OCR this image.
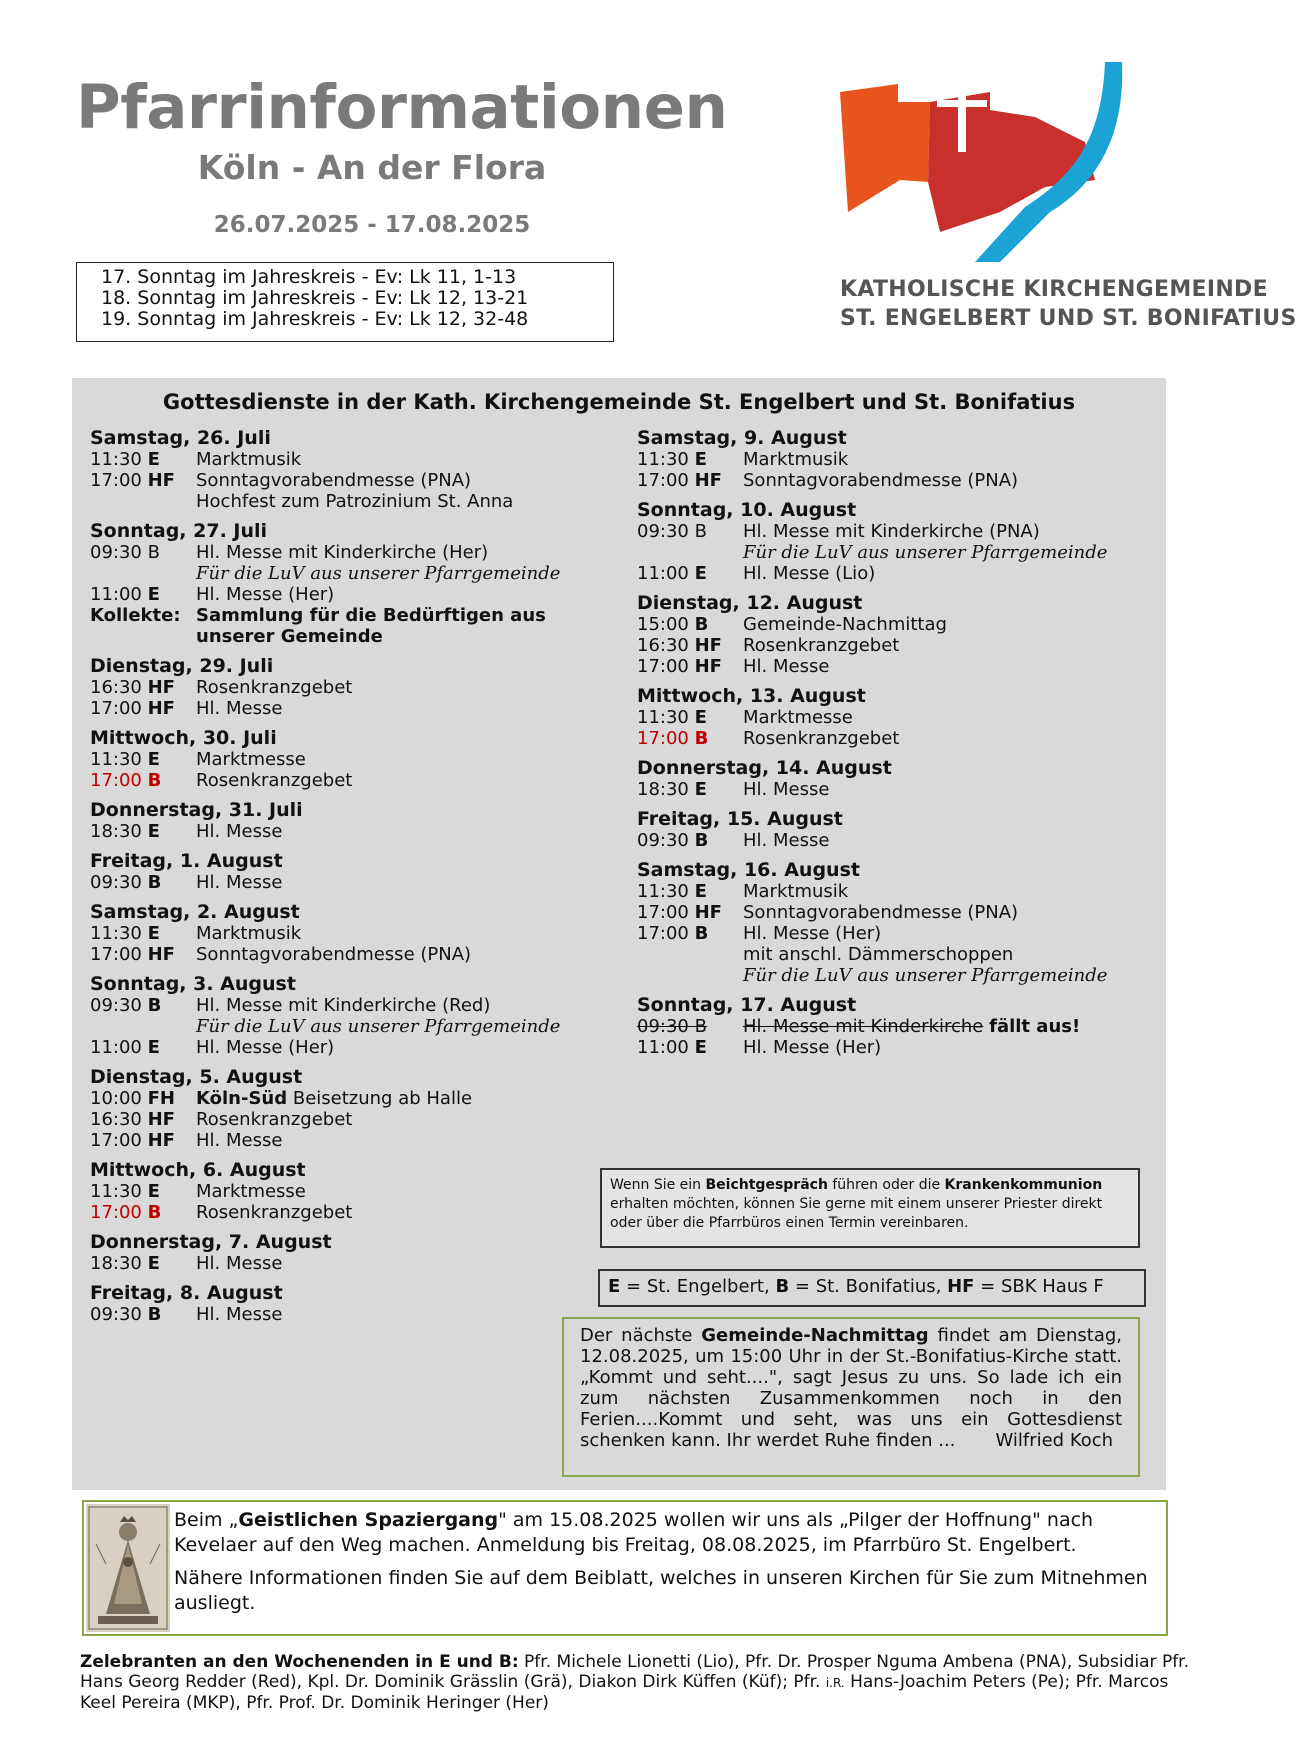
Pfarrinformationen
Köln - An der Flora
26.07.2025 - 17.08.2025
17. Sonntag im Jahreskreis - Ev: Lk 11, 1-13
18. Sonntag im Jahreskreis - Ev: Lk 12, 13-21
19. Sonntag im Jahreskreis - Ev: Lk 12, 32-48
KATHOLISCHE KIRCHENGEMEINDE
ST. ENGELBERT UND ST. BONIFATIUS
Gottesdienste in der Kath. Kirchengemeinde St. Engelbert und St. Bonifatius
Samstag, 26. Juli
11:30 E	Marktmusik
17:00 HF	Sonntagvorabendmesse (PNA)
Hochfest zum Patrozinium St. Anna
Sonntag, 27. Juli
09:30 B	Hl. Messe mit Kinderkirche (Her)
Für die LuV aus unserer Pfarrgemeinde
11:00 E	Hl. Messe (Her)
Kollekte: Sammlung für die Bedürftigen aus unserer Gemeinde
Dienstag, 29. Juli
16:30 HF	Rosenkranzgebet
17:00 HF	Hl. Messe
Mittwoch, 30. Juli
11:30 E	Marktmesse
17:00 B	Rosenkranzgebet
Donnerstag, 31. Juli
18:30 E	Hl. Messe
Freitag, 1. August
09:30 B	Hl. Messe
Samstag, 2. August
11:30 E	Marktmusik
17:00 HF	Sonntagvorabendmesse (PNA)
Sonntag, 3. August
09:30 B	Hl. Messe mit Kinderkirche (Red)
Für die LuV aus unserer Pfarrgemeinde
11:00 E	Hl. Messe (Her)
Dienstag, 5. August
10:00 FH	Köln-Süd Beisetzung ab Halle
16:30 HF	Rosenkranzgebet
17:00 HF	Hl. Messe
Mittwoch, 6. August
11:30 E	Marktmesse
17:00 B	Rosenkranzgebet
Donnerstag, 7. August
18:30 E	Hl. Messe
Freitag, 8. August
09:30 B	Hl. Messe
Samstag, 9. August
11:30 E	Marktmusik
17:00 HF	Sonntagvorabendmesse (PNA)
Sonntag, 10. August
09:30 B	Hl. Messe mit Kinderkirche (PNA)
Für die LuV aus unserer Pfarrgemeinde
11:00 E	Hl. Messe (Lio)
Dienstag, 12. August
15:00 B	Gemeinde-Nachmittag
16:30 HF	Rosenkranzgebet
17:00 HF	Hl. Messe
Mittwoch, 13. August
11:30 E	Marktmesse
17:00 B	Rosenkranzgebet
Donnerstag, 14. August
18:30 E	Hl. Messe
Freitag, 15. August
09:30 B	Hl. Messe
Samstag, 16. August
11:30 E	Marktmusik
17:00 HF	Sonntagvorabendmesse (PNA)
17:00 B	Hl. Messe (Her)
mit anschl. Dämmerschoppen
Für die LuV aus unserer Pfarrgemeinde
Sonntag, 17. August
09:30 B	Hl. Messe mit Kinderkirche fällt aus!
11:00 E	Hl. Messe (Her)
Wenn Sie ein Beichtgespräch führen oder die Krankenkommunion erhalten möchten, können Sie gerne mit einem unserer Priester direkt oder über die Pfarrbüros einen Termin vereinbaren.
E = St. Engelbert, B = St. Bonifatius, HF = SBK Haus F
Der nächste Gemeinde-Nachmittag findet am Dienstag, 12.08.2025, um 15:00 Uhr in der St.-Bonifatius-Kirche statt. „Kommt und seht....", sagt Jesus zu uns. So lade ich ein zum nächsten Zusammenkommen noch in den Ferien....Kommt und seht, was uns ein Gottesdienst schenken kann. Ihr werdet Ruhe finden ... Wilfried Koch

Beim „Geistlichen Spaziergang" am 15.08.2025 wollen wir uns als „Pilger der Hoffnung" nach Kevelaer auf den Weg machen. Anmeldung bis Freitag, 08.08.2025, im Pfarrbüro St. Engelbert.

Nähere Informationen finden Sie auf dem Beiblatt, welches in unseren Kirchen für Sie zum Mitnehmen ausliegt.

Zelebranten an den Wochenenden in E und B: Pfr. Michele Lionetti (Lio), Pfr. Dr. Prosper Nguma Ambena (PNA), Subsidiar Pfr. Hans Georg Redder (Red), Kpl. Dr. Dominik Grässlin (Grä), Diakon Dirk Küffen (Küf); Pfr. i.R. Hans-Joachim Peters (Pe); Pfr. Marcos Keel Pereira (MKP), Pfr. Prof. Dr. Dominik Heringer (Her)
